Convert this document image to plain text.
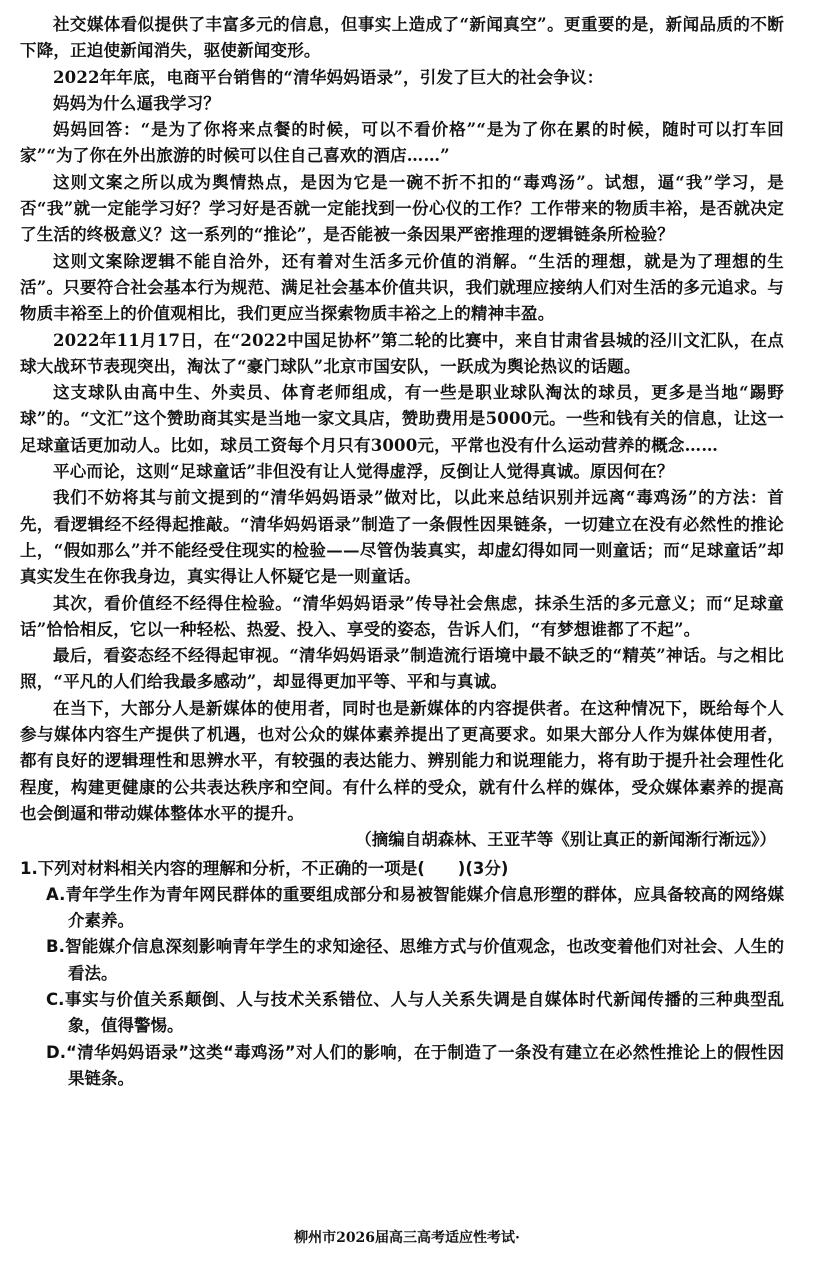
社交媒体看似提供了丰富多元的信息，但事实上造成了“新闻真空”。更重要的是，新闻品质的不断下降，正迫使新闻消失，驱使新闻变形。

2022年年底，电商平台销售的“清华妈妈语录”，引发了巨大的社会争议：

妈妈为什么逼我学习？

妈妈回答：“是为了你将来点餐的时候，可以不看价格”“是为了你在累的时候，随时可以打车回家”“为了你在外出旅游的时候可以住自己喜欢的酒店……”

这则文案之所以成为舆情热点，是因为它是一碗不折不扣的“毒鸡汤”。试想，逼“我”学习，是否“我”就一定能学习好？学习好是否就一定能找到一份心仪的工作？工作带来的物质丰裕，是否就决定了生活的终极意义？这一系列的“推论”，是否能被一条因果严密推理的逻辑链条所检验？

这则文案除逻辑不能自洽外，还有着对生活多元价值的消解。“生活的理想，就是为了理想的生活”。只要符合社会基本行为规范、满足社会基本价值共识，我们就理应接纳人们对生活的多元追求。与物质丰裕至上的价值观相比，我们更应当探索物质丰裕之上的精神丰盈。

2022年11月17日，在“2022中国足协杯”第二轮的比赛中，来自甘肃省县城的泾川文汇队，在点球大战环节表现突出，淘汰了“豪门球队”北京市国安队，一跃成为舆论热议的话题。

这支球队由高中生、外卖员、体育老师组成，有一些是职业球队淘汰的球员，更多是当地“踢野球”的。“文汇”这个赞助商其实是当地一家文具店，赞助费用是5000元。一些和钱有关的信息，让这一足球童话更加动人。比如，球员工资每个月只有3000元，平常也没有什么运动营养的概念……

平心而论，这则“足球童话”非但没有让人觉得虚浮，反倒让人觉得真诚。原因何在？

我们不妨将其与前文提到的“清华妈妈语录”做对比，以此来总结识别并远离“毒鸡汤”的方法：首先，看逻辑经不经得起推敲。“清华妈妈语录”制造了一条假性因果链条，一切建立在没有必然性的推论上，“假如那么”并不能经受住现实的检验——尽管伪装真实，却虚幻得如同一则童话；而“足球童话”却真实发生在你我身边，真实得让人怀疑它是一则童话。

其次，看价值经不经得住检验。“清华妈妈语录”传导社会焦虑，抹杀生活的多元意义；而“足球童话”恰恰相反，它以一种轻松、热爱、投入、享受的姿态，告诉人们，“有梦想谁都了不起”。

最后，看姿态经不经得起审视。“清华妈妈语录”制造流行语境中最不缺乏的“精英”神话。与之相比照，“平凡的人们给我最多感动”，却显得更加平等、平和与真诚。

在当下，大部分人是新媒体的使用者，同时也是新媒体的内容提供者。在这种情况下，既给每个人参与媒体内容生产提供了机遇，也对公众的媒体素养提出了更高要求。如果大部分人作为媒体使用者，都有良好的逻辑理性和思辨水平，有较强的表达能力、辨别能力和说理能力，将有助于提升社会理性化程度，构建更健康的公共表达秩序和空间。有什么样的受众，就有什么样的媒体，受众媒体素养的提高也会倒逼和带动媒体整体水平的提升。

（摘编自胡森林、王亚芊等《别让真正的新闻渐行渐远》）

1.下列对材料相关内容的理解和分析，不正确的一项是(　　)(3分)

A.青年学生作为青年网民群体的重要组成部分和易被智能媒介信息形塑的群体，应具备较高的网络媒介素养。

B.智能媒介信息深刻影响青年学生的求知途径、思维方式与价值观念，也改变着他们对社会、人生的看法。

C.事实与价值关系颠倒、人与技术关系错位、人与人关系失调是自媒体时代新闻传播的三种典型乱象，值得警惕。

D.“清华妈妈语录”这类“毒鸡汤”对人们的影响，在于制造了一条没有建立在必然性推论上的假性因果链条。

柳州市2026届高三高考适应性考试·
